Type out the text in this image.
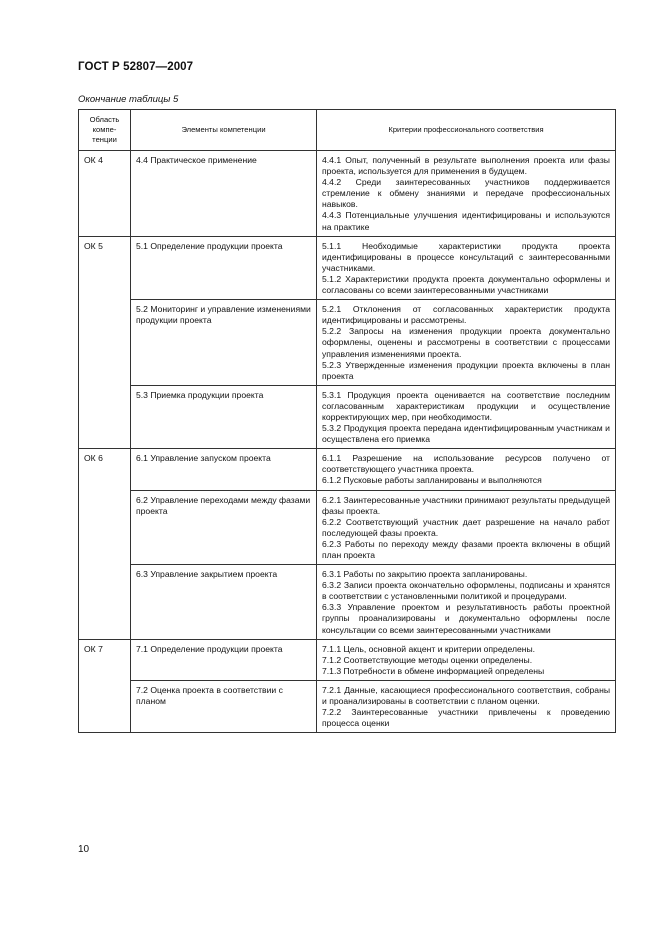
ГОСТ Р 52807—2007
Окончание таблицы 5
Область компе-тенции	Элементы компетенции	Критерии профессионального соответствия
ОК 4	4.4 Практическое применение	4.4.1 Опыт, полученный в результате выполнения проекта или фазы проекта, используется для применения в будущем.

4.4.2 Среди заинтересованных участников поддерживается стремление к обмену знаниями и передаче профессиональных навыков.

4.4.3 Потенциальные улучшения идентифицированы и используются на практике

ОК 5	5.1 Определение продукции проекта	5.1.1 Необходимые характеристики продукта проекта идентифицированы в процессе консультаций с заинтересованными участниками.

5.1.2 Характеристики продукта проекта документально оформлены и согласованы со всеми заинтересованными участниками

	5.2 Мониторинг и управление изменениями продукции проекта	5.2.1 Отклонения от согласованных характеристик продукта идентифицированы и рассмотрены.

5.2.2 Запросы на изменения продукции проекта документально оформлены, оценены и рассмотрены в соответствии с процессами управления изменениями проекта.

5.2.3 Утвержденные изменения продукции проекта включены в план проекта

	5.3 Приемка продукции проекта	5.3.1 Продукция проекта оценивается на соответствие последним согласованным характеристикам продукции и осуществление корректирующих мер, при необходимости.

5.3.2 Продукция проекта передана идентифицированным участникам и осуществлена его приемка

ОК 6	6.1 Управление запуском проекта	6.1.1 Разрешение на использование ресурсов получено от соответствующего участника проекта.

6.1.2 Пусковые работы запланированы и выполняются

	6.2 Управление переходами между фазами проекта	6.2.1 Заинтересованные участники принимают результаты предыдущей фазы проекта.

6.2.2 Соответствующий участник дает разрешение на начало работ последующей фазы проекта.

6.2.3 Работы по переходу между фазами проекта включены в общий план проекта

	6.3 Управление закрытием проекта	6.3.1 Работы по закрытию проекта запланированы.

6.3.2 Записи проекта окончательно оформлены, подписаны и хранятся в соответствии с установленными политикой и процедурами.

6.3.3 Управление проектом и результативность работы проектной группы проанализированы и документально оформлены после консультации со всеми заинтересованными участниками

ОК 7	7.1 Определение продукции проекта	7.1.1 Цель, основной акцент и критерии определены.

7.1.2 Соответствующие методы оценки определены.

7.1.3 Потребности в обмене информацией определены

	7.2 Оценка проекта в соответствии с планом	7.2.1 Данные, касающиеся профессионального соответствия, собраны и проанализированы в соответствии с планом оценки.

7.2.2 Заинтересованные участники привлечены к проведению процесса оценки

10
